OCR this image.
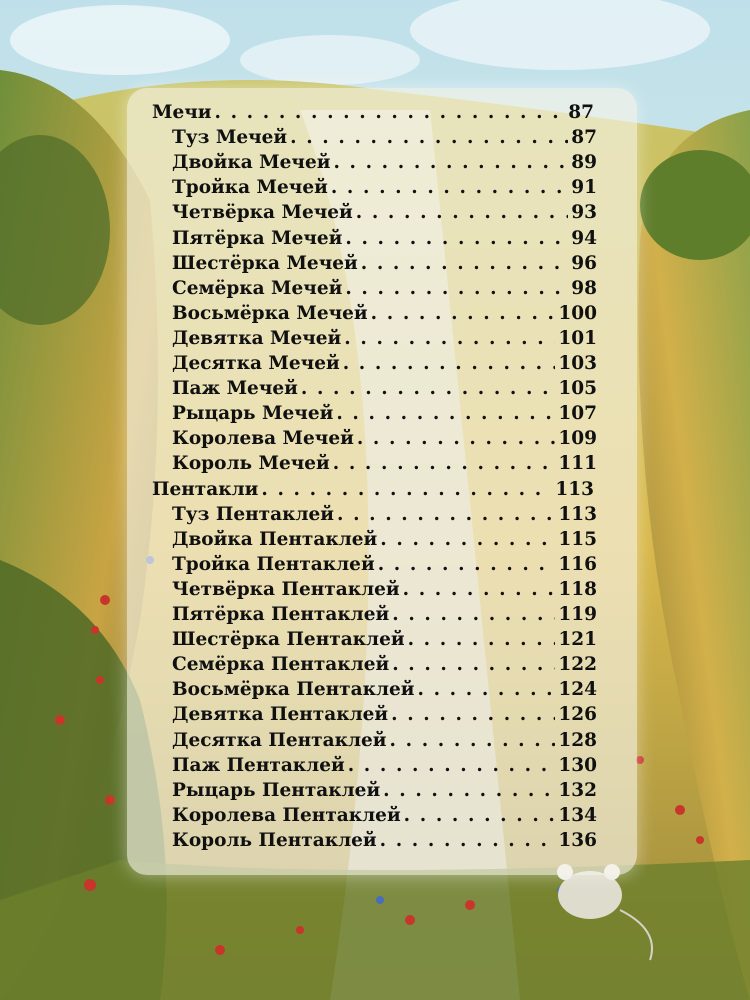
Мечи . . .	87
Туз Мечей . . .	87
Двойка Мечей . . .	89
Тройка Мечей . . .	91
Четвёрка Мечей . . .	93
Пятёрка Мечей . . .	94
Шестёрка Мечей . . .	96
Семёрка Мечей . . .	98
Восьмёрка Мечей . . .	100
Девятка Мечей . . .	101
Десятка Мечей . . .	103
Паж Мечей . . .	105
Рыцарь Мечей . . .	107
Королева Мечей . . .	109
Король Мечей . . .	111
Пентакли . . .	113
Туз Пентаклей . . .	113
Двойка Пентаклей . . .	115
Тройка Пентаклей . . .	116
Четвёрка Пентаклей . . .	118
Пятёрка Пентаклей . . .	119
Шестёрка Пентаклей . . .	121
Семёрка Пентаклей . . .	122
Восьмёрка Пентаклей . . .	124
Девятка Пентаклей . . .	126
Десятка Пентаклей . . .	128
Паж Пентаклей . . .	130
Рыцарь Пентаклей . . .	132
Королева Пентаклей . . .	134
Король Пентаклей . . .	136
